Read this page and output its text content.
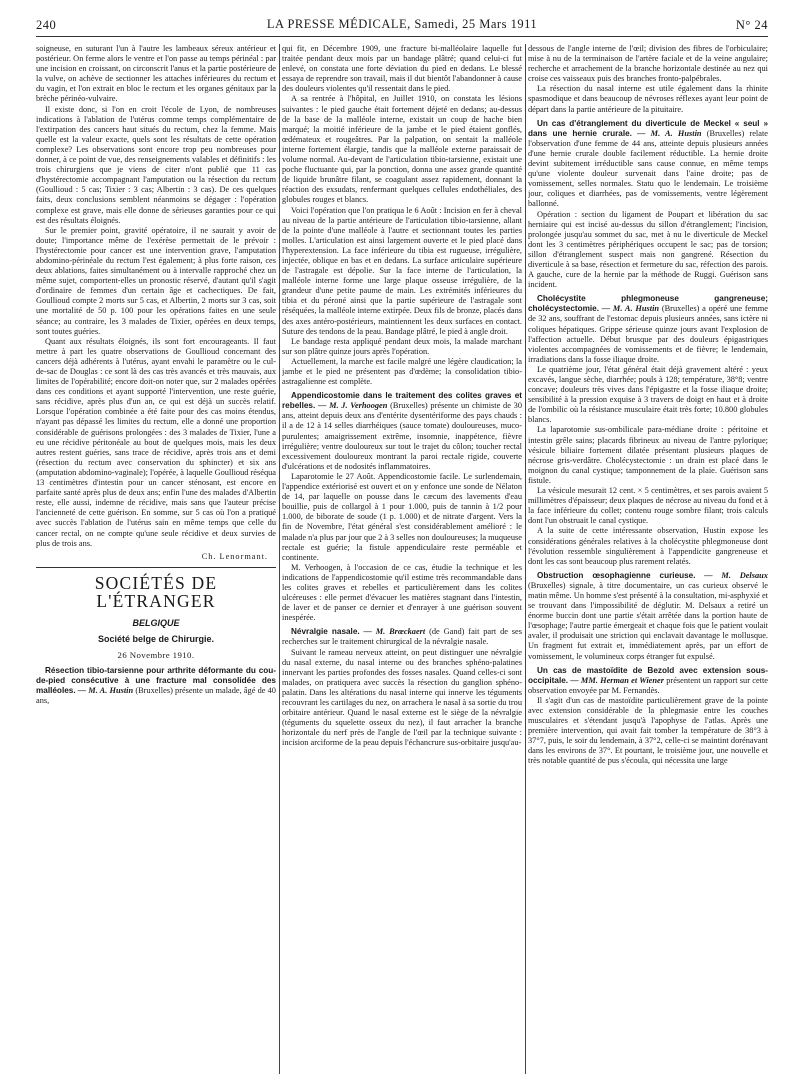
240	LA PRESSE MÉDICALE, Samedi, 25 Mars 1911	N° 24

soigneuse, en suturant l'un à l'autre les lambeaux séreux antérieur et postérieur. On ferme alors le ventre et l'on passe au temps périnéal : par une incision en croissant, on circonscrit l'anus et la partie postérieure de la vulve, on achève de sectionner les attaches inférieures du rectum et du vagin, et l'on extrait en bloc le rectum et les organes génitaux par la brèche périnéo-vulvaire.

Il existe donc, si l'on en croit l'école de Lyon, de nombreuses indications à l'ablation de l'utérus comme temps complémentaire de l'extirpation des cancers haut situés du rectum, chez la femme. Mais quelle est la valeur exacte, quels sont les résultats de cette opération complexe? Les observations sont encore trop peu nombreuses pour donner, à ce point de vue, des renseignements valables et définitifs : les trois chirurgiens que je viens de citer n'ont publié que 11 cas d'hystérectomie accompagnant l'amputation ou la résection du rectum (Goullioud : 5 cas; Tixier : 3 cas; Albertin : 3 cas). De ces quelques faits, deux conclusions semblent néanmoins se dégager : l'opération complexe est grave, mais elle donne de sérieuses garanties pour ce qui est des résultats éloignés.

Sur le premier point, gravité opératoire, il ne saurait y avoir de doute; l'importance même de l'exérèse permettait de le prévoir : l'hystérectomie pour cancer est une intervention grave, l'amputation abdomino-périnéale du rectum l'est également; à plus forte raison, ces deux ablations, faites simultanément ou à intervalle rapproché chez un même sujet, comportent-elles un pronostic réservé, d'autant qu'il s'agit d'ordinaire de femmes d'un certain âge et cachectiques. De fait, Goullioud compte 2 morts sur 5 cas, et Albertin, 2 morts sur 3 cas, soit une mortalité de 50 p. 100 pour les opérations faites en une seule séance; au contraire, les 3 malades de Tixier, opérées en deux temps, sont toutes guéries.

Quant aux résultats éloignés, ils sont fort encourageants. Il faut mettre à part les quatre observations de Goullioud concernant des cancers déjà adhérents à l'utérus, ayant envahi le paramètre ou le cul-de-sac de Douglas : ce sont là des cas très avancés et très mauvais, aux limites de l'opérabilité; encore doit-on noter que, sur 2 malades opérées dans ces conditions et ayant supporté l'intervention, une reste guérie, sans récidive, après plus d'un an, ce qui est déjà un succès relatif. Lorsque l'opération combinée a été faite pour des cas moins étendus, n'ayant pas dépassé les limites du rectum, elle a donné une proportion considérable de guérisons prolongées : des 3 malades de Tixier, l'une a eu une récidive péritonéale au bout de quelques mois, mais les deux autres restent guéries, sans trace de récidive, après trois ans et demi (résection du rectum avec conservation du sphincter) et six ans (amputation abdomino-vaginale); l'opérée, à laquelle Goullioud réséqua 13 centimètres d'intestin pour un cancer sténosant, est encore en parfaite santé après plus de deux ans; enfin l'une des malades d'Albertin reste, elle aussi, indemne de récidive, mais sans que l'auteur précise l'ancienneté de cette guérison. En somme, sur 5 cas où l'on a pratiqué avec succès l'ablation de l'utérus sain en même temps que celle du cancer rectal, on ne compte qu'une seule récidive et deux survies de plus de trois ans.

Ch. Lenormant.
SOCIÉTÉS DE L'ÉTRANGER
BELGIQUE
Société belge de Chirurgie.
26 Novembre 1910.

Résection tibio-tarsienne pour arthrite déformante du cou-de-pied consécutive à une fracture mal consolidée des malléoles. — M. A. Hustin (Bruxelles) présente un malade, âgé de 40 ans,

qui fit, en Décembre 1909, une fracture bi-malléolaire laquelle fut traitée pendant deux mois par un bandage plâtré; quand celui-ci fut enlevé, on constata une forte déviation du pied en dedans. Le blessé essaya de reprendre son travail, mais il dut bientôt l'abandonner à cause des douleurs violentes qu'il ressentait dans le pied.

A sa rentrée à l'hôpital, en Juillet 1910, on constata les lésions suivantes : le pied gauche était fortement déjeté en dedans; au-dessus de la base de la malléole interne, existait un coup de hache bien marqué; la moitié inférieure de la jambe et le pied étaient gonflés, œdémateux et rougeâtres. Par la palpation, on sentait la malléole interne fortement élargie, tandis que la malléole externe paraissait de volume normal. Au-devant de l'articulation tibio-tarsienne, existait une poche fluctuante qui, par la ponction, donna une assez grande quantité de liquide brunâtre filant, se coagulant assez rapidement, donnant la réaction des exsudats, renfermant quelques cellules endothéliales, des globules rouges et blancs.

Voici l'opération que l'on pratiqua le 6 Août : Incision en fer à cheval au niveau de la partie antérieure de l'articulation tibio-tarsienne, allant de la pointe d'une malléole à l'autre et sectionnant toutes les parties molles. L'articulation est ainsi largement ouverte et le pied placé dans l'hyperextension. La face inférieure du tibia est rugueuse, irrégulière, injectée, oblique en bas et en dedans. La surface articulaire supérieure de l'astragale est dépolie. Sur la face interne de l'articulation, la malléole interne forme une large plaque osseuse irrégulière, de la grandeur d'une petite paume de main. Les extrémités inférieures du tibia et du péroné ainsi que la partie supérieure de l'astragale sont réséquées, la malléole interne extirpée. Deux fils de bronze, placés dans des axes antéro-postérieurs, maintiennent les deux surfaces en contact. Suture des tendons de la peau. Bandage plâtré, le pied à angle droit.

Le bandage resta appliqué pendant deux mois, la malade marchant sur son plâtre quinze jours après l'opération.

Actuellement, la marche est facile malgré une légère claudication; la jambe et le pied ne présentent pas d'œdème; la consolidation tibio-astragalienne est complète.

Appendicostomie dans le traitement des colites graves et rebelles. — M. J. Verhoogen (Bruxelles) présente un chimiste de 30 ans, atteint depuis deux ans d'entérite dysentériforme des pays chauds : il a de 12 à 14 selles diarrhéiques (sauce tomate) douloureuses, muco-purulentes; amaigrissement extrême, insomnie, inappétence, fièvre irrégulière; ventre douloureux sur tout le trajet du côlon; toucher rectal excessivement douloureux montrant la paroi rectale rigide, couverte d'ulcérations et de nodosités inflammatoires.

Laparotomie le 27 Août. Appendicostomie facile. Le surlendemain, l'appendice extériorisé est ouvert et on y enfonce une sonde de Nélaton de 14, par laquelle on pousse dans le cæcum des lavements d'eau bouillie, puis de collargol à 1 pour 1.000, puis de tannin à 1/2 pour 1.000, de biborate de soude (1 p. 1.000) et de nitrate d'argent. Vers la fin de Novembre, l'état général s'est considérablement amélioré : le malade n'a plus par jour que 2 à 3 selles non douloureuses; la muqueuse rectale est guérie; la fistule appendiculaire reste perméable et continente.

M. Verhoogen, à l'occasion de ce cas, étudie la technique et les indications de l'appendicostomie qu'il estime très recommandable dans les colites graves et rebelles et particulièrement dans les colites ulcéreuses : elle permet d'évacuer les matières stagnant dans l'intestin, de laver et de panser ce dernier et d'enrayer à une guérison souvent inespérée.

Névralgie nasale. — M. Brœckaert (de Gand) fait part de ses recherches sur le traitement chirurgical de la névralgie nasale.

Suivant le rameau nerveux atteint, on peut distinguer une névralgie du nasal externe, du nasal interne ou des branches sphéno-palatines innervant les parties profondes des fosses nasales. Quand celles-ci sont malades, on pratiquera avec succès la résection du ganglion sphéno-palatin. Dans les altérations du nasal interne qui innerve les téguments recouvrant les cartilages du nez, on arrachera le nasal à sa sortie du trou orbitaire antérieur. Quand le nasal externe est le siège de la névralgie (téguments du squelette osseux du nez), il faut arracher la branche horizontale du nerf près de l'angle de l'œil par la technique suivante : incision arciforme de la peau depuis l'échancrure sus-orbitaire jusqu'au-

dessous de l'angle interne de l'œil; division des fibres de l'orbiculaire; mise à nu de la terminaison de l'artère faciale et de la veine angulaire; recherche et arrachement de la branche horizontale destinée au nez qui croise ces vaisseaux puis des branches fronto-palpébrales.

La résection du nasal interne est utile également dans la rhinite spasmodique et dans beaucoup de névroses réflexes ayant leur point de départ dans la partie antérieure de la pituitaire.

Un cas d'étranglement du diverticule de Meckel « seul » dans une hernie crurale. — M. A. Hustin (Bruxelles) relate l'observation d'une femme de 44 ans, atteinte depuis plusieurs années d'une hernie crurale double facilement réductible. La hernie droite devint subitement irréductible sans cause connue, en même temps qu'une violente douleur survenait dans l'aine droite; pas de vomissement, selles normales. Statu quo le lendemain. Le troisième jour, coliques et diarrhées, pas de vomissements, ventre légèrement ballonné.

Opération : section du ligament de Poupart et libération du sac herniaire qui est incisé au-dessus du sillon d'étranglement; l'incision, prolongée jusqu'au sommet du sac, met à nu le diverticule de Meckel dont les 3 centimètres périphériques occupent le sac; pas de torsion; sillon d'étranglement suspect mais non gangrené. Résection du diverticule à sa base, résection et fermeture du sac, réfection des parois. A gauche, cure de la hernie par la méthode de Ruggi. Guérison sans incident.

Cholécystite phlegmoneuse gangreneuse; cholécystectomie. — M. A. Hustin (Bruxelles) a opéré une femme de 32 ans, souffrant de l'estomac depuis plusieurs années, sans ictère ni coliques hépatiques. Grippe sérieuse quinze jours avant l'explosion de l'affection actuelle. Début brusque par des douleurs épigastriques violentes accompagnées de vomissements et de fièvre; le lendemain, irradiations dans la fosse iliaque droite.

Le quatrième jour, l'état général était déjà gravement altéré : yeux excavés, langue sèche, diarrhée; pouls à 128; température, 38°8; ventre concave; douleurs très vives dans l'épigastre et la fosse iliaque droite; sensibilité à la pression exquise à 3 travers de doigt en haut et à droite de l'ombilic où la résistance musculaire était très forte; 10.800 globules blancs.

La laparotomie sus-ombilicale para-médiane droite : péritoine et intestin grêle sains; placards fibrineux au niveau de l'antre pylorique; vésicule biliaire fortement dilatée présentant plusieurs plaques de nécrose gris-verdâtre. Cholécystectomie : un drain est placé dans le moignon du canal cystique; tamponnement de la plaie. Guérison sans fistule.

La vésicule mesurait 12 cent. × 5 centimètres, et ses parois avaient 5 millimètres d'épaisseur; deux plaques de nécrose au niveau du fond et à la face inférieure du collet; contenu rouge sombre filant; trois calculs dont l'un obstruait le canal cystique.

A la suite de cette intéressante observation, Hustin expose les considérations générales relatives à la cholécystite phlegmoneuse dont l'évolution ressemble singulièrement à l'appendicite gangreneuse et dont les cas sont beaucoup plus rarement relatés.

Obstruction œsophagienne curieuse. — M. Delsaux (Bruxelles) signale, à titre documentaire, un cas curieux observé le matin même. Un homme s'est présenté à la consultation, mi-asphyxié et se trouvant dans l'impossibilité de déglutir. M. Delsaux a retiré un énorme buccin dont une partie s'était arrêtée dans la portion haute de l'œsophage; l'autre partie émergeait et chaque fois que le patient voulait avaler, il produisait une striction qui enclavait davantage le mollusque. Un fragment fut extrait et, immédiatement après, par un effort de vomissement, le volumineux corps étranger fut expulsé.

Un cas de mastoïdite de Bezold avec extension sous-occipitale. — MM. Herman et Wiener présentent un rapport sur cette observation envoyée par M. Fernandès.

Il s'agit d'un cas de mastoïdite particulièrement grave de la pointe avec extension considérable de la phlegmasie entre les couches musculaires et s'étendant jusqu'à l'apophyse de l'atlas. Après une première intervention, qui avait fait tomber la température de 38°3 à 37°7, puis, le soir du lendemain, à 37°2, celle-ci se maintint dorénavant dans les environs de 37°. Et pourtant, le troisième jour, une nouvelle et très notable quantité de pus s'écoula, qui nécessita une large
